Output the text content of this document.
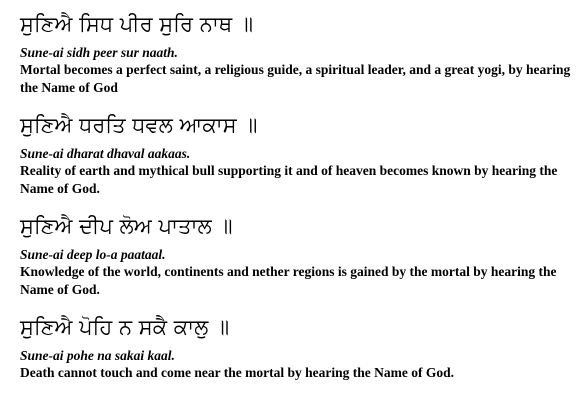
ਸੁਣਿਐ ਸਿਧ ਪੀਰ ਸੁਰਿ ਨਾਥ ॥
Sune-ai sidh peer sur naath.
Mortal becomes a perfect saint, a religious guide, a spiritual leader, and a great yogi, by hearing the Name of God
ਸੁਣਿਐ ਧਰਤਿ ਧਵਲ ਆਕਾਸ ॥
Sune-ai dharat dhaval aakaas.
Reality of earth and mythical bull supporting it and of heaven becomes known by hearing the Name of God.
ਸੁਣਿਐ ਦੀਪ ਲੋਅ ਪਾਤਾਲ ॥
Sune-ai deep lo-a paataal.
Knowledge of the world, continents and nether regions is gained by the mortal by hearing the Name of God.
ਸੁਣਿਐ ਪੋਹਿ ਨ ਸਕੈ ਕਾਲੁ ॥
Sune-ai pohe na sakai kaal.
Death cannot touch and come near the mortal by hearing the Name of God.
